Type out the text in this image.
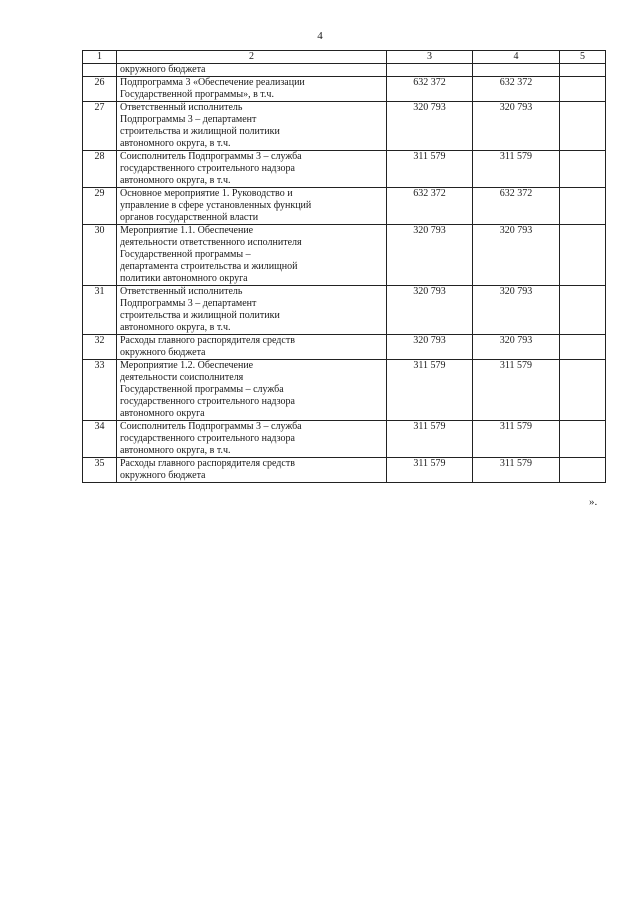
4
1	2	3	4	5
	окружного бюджета			
26	Подпрограмма 3 «Обеспечение реализации
Государственной программы», в т.ч.	632 372	632 372	
27	Ответственный исполнитель
Подпрограммы 3 – департамент
строительства и жилищной политики
автономного округа, в т.ч.	320 793	320 793	
28	Соисполнитель Подпрограммы 3 – служба
государственного строительного надзора
автономного округа, в т.ч.	311 579	311 579	
29	Основное мероприятие 1. Руководство и
управление в сфере установленных функций
органов государственной власти	632 372	632 372	
30	Мероприятие 1.1. Обеспечение
деятельности ответственного исполнителя
Государственной программы –
департамента строительства и жилищной
политики автономного округа	320 793	320 793	
31	Ответственный исполнитель
Подпрограммы 3 – департамент
строительства и жилищной политики
автономного округа, в т.ч.	320 793	320 793	
32	Расходы главного распорядителя средств
окружного бюджета	320 793	320 793	
33	Мероприятие 1.2. Обеспечение
деятельности соисполнителя
Государственной программы – служба
государственного строительного надзора
автономного округа	311 579	311 579	
34	Соисполнитель Подпрограммы 3 – служба
государственного строительного надзора
автономного округа, в т.ч.	311 579	311 579	
35	Расходы главного распорядителя средств
окружного бюджета	311 579	311 579	
».
